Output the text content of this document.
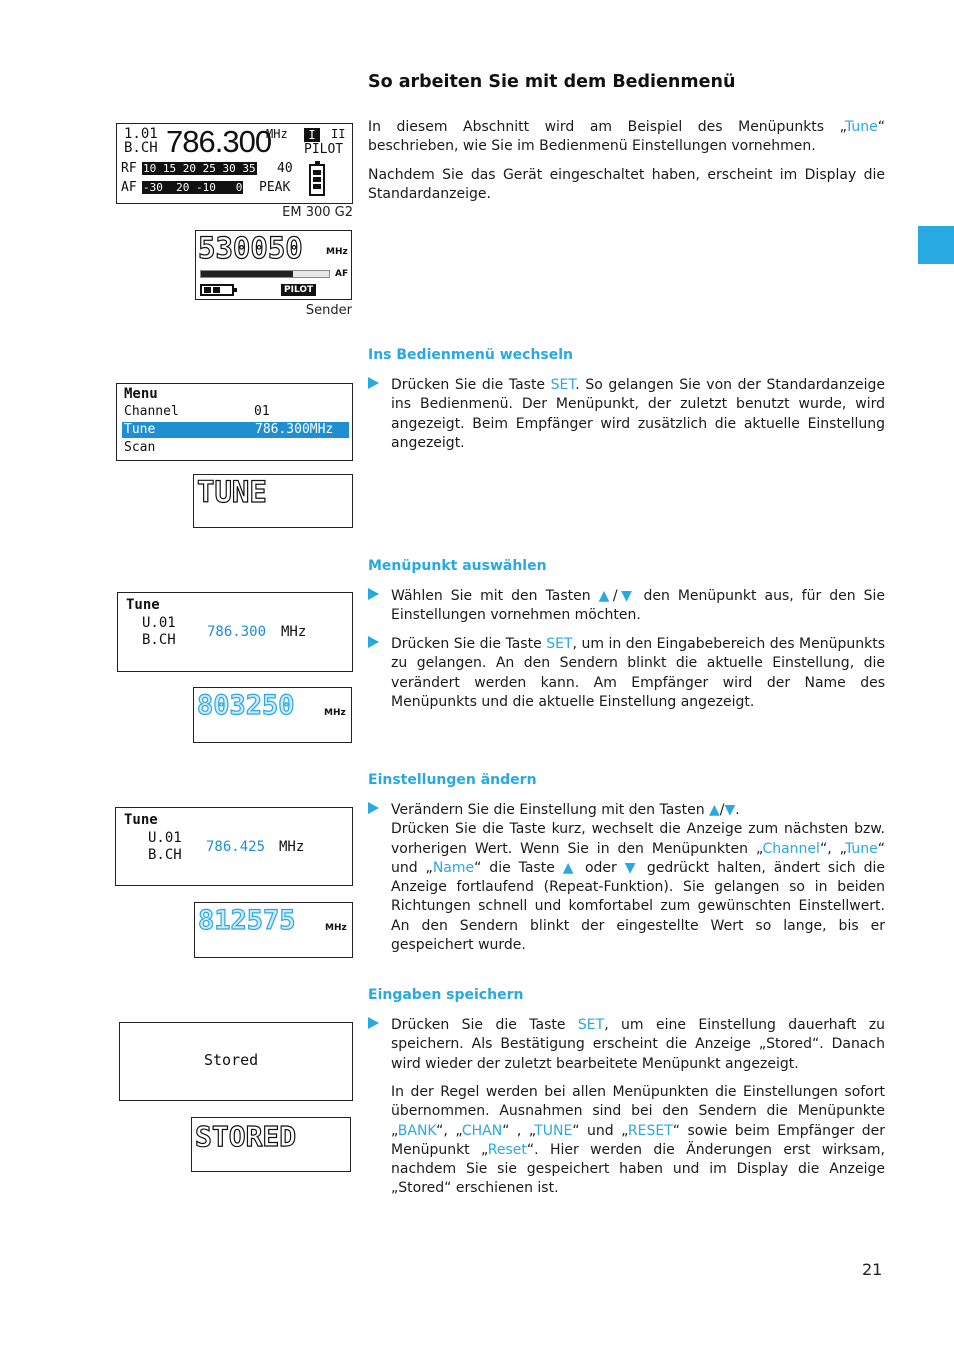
So arbeiten Sie mit dem Bedienmenü
In diesem Abschnitt wird am Beispiel des Menüpunkts „Tune“ beschrieben, wie Sie im Bedienmenü Einstellungen vornehmen.
Nachdem Sie das Gerät eingeschaltet haben, erscheint im Display die Standardanzeige.
1.01
B.CH 786.300
MHz	I	II
PILOT
RF 10 15 20 25 30 35 40
AF -30  20 -10   0 PEAK
EM 300 G2
530050	MHz
AF
PILOT
Sender
Ins Bedienmenü wechseln
Drücken Sie die Taste SET. So gelangen Sie von der Standardanzeige ins Bedienmenü. Der Menüpunkt, der zuletzt benutzt wurde, wird angezeigt. Beim Empfänger wird zusätzlich die aktuelle Einstellung angezeigt.
Menu
Channel	01
Tune	786.300MHz
Scan
TUNE
Menüpunkt auswählen
Wählen Sie mit den Tasten ▲/▼ den Menüpunkt aus, für den Sie Einstellungen vornehmen möchten.
Drücken Sie die Taste SET, um in den Eingabebereich des Menüpunkts zu gelangen. An den Sendern blinkt die aktuelle Einstellung, die verändert werden kann. Am Empfänger wird der Name des Menüpunkts und die aktuelle Einstellung angezeigt.
Tune
U.01
B.CH 786.300 MHz
803250	MHz
Einstellungen ändern
Verändern Sie die Einstellung mit den Tasten ▲/▼.
Drücken Sie die Taste kurz, wechselt die Anzeige zum nächsten bzw. vorherigen Wert. Wenn Sie in den Menüpunkten „Channel“, „Tune“ und „Name“ die Taste ▲ oder ▼ gedrückt halten, ändert sich die Anzeige fortlaufend (Repeat-Funktion). Sie gelangen so in beiden Richtungen schnell und komfortabel zum gewünschten Einstellwert. An den Sendern blinkt der eingestellte Wert so lange, bis er gespeichert wurde.
Tune
U.01
B.CH 786.425 MHz
812575	MHz
Eingaben speichern
Drücken Sie die Taste SET, um eine Einstellung dauerhaft zu speichern. Als Bestätigung erscheint die Anzeige „Stored“. Danach wird wieder der zuletzt bearbeitete Menüpunkt angezeigt.
In der Regel werden bei allen Menüpunkten die Einstellungen sofort übernommen. Ausnahmen sind bei den Sendern die Menüpunkte „BANK“, „CHAN“ , „TUNE“ und „RESET“ sowie beim Empfänger der Menüpunkt „Reset“. Hier werden die Änderungen erst wirksam, nachdem Sie sie gespeichert haben und im Display die Anzeige „Stored“ erschienen ist.
Stored
STORED
21
